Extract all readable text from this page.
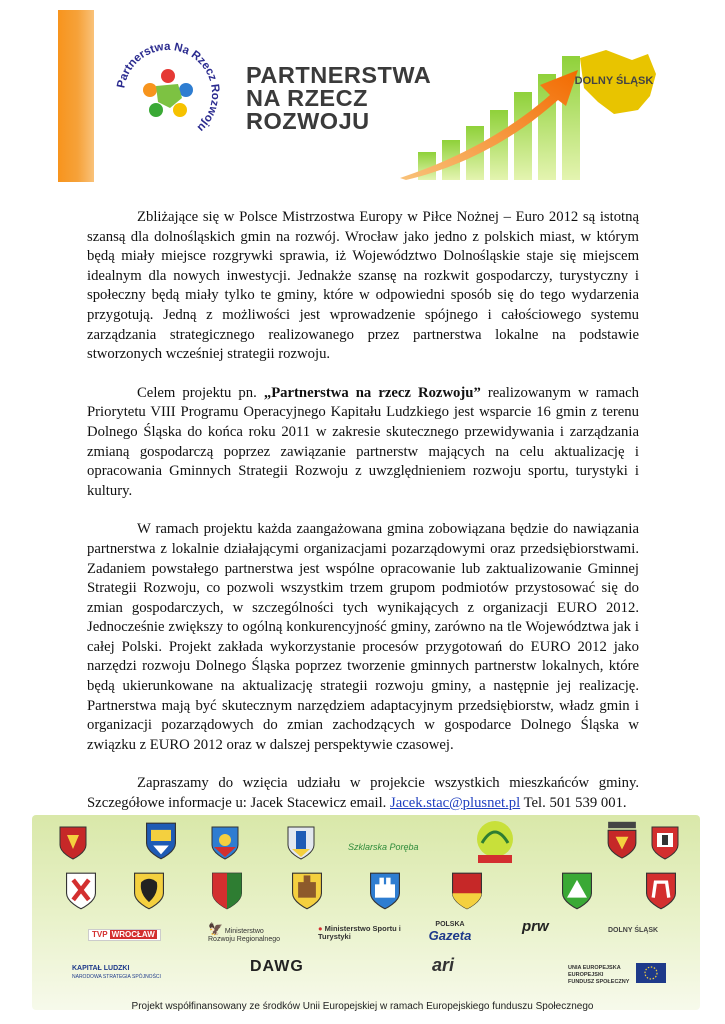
Partnerstwa Na Rzecz Rozwoju
PARTNERSTWA
NA RZECZ
ROZWOJU
DOLNY ŚLĄSK

Zbliżające się w Polsce Mistrzostwa Europy w Piłce Nożnej – Euro 2012 są istotną szansą dla dolnośląskich gmin na rozwój. Wrocław jako jedno z polskich miast, w którym będą miały miejsce rozgrywki sprawia, iż Województwo Dolnośląskie staje się miejscem idealnym dla nowych inwestycji. Jednakże szansę na rozkwit gospodarczy, turystyczny i społeczny będą miały tylko te gminy, które w odpowiedni sposób się do tego wydarzenia przygotują. Jedną z możliwości jest wprowadzenie spójnego i całościowego systemu zarządzania strategicznego realizowanego przez partnerstwa lokalne na podstawie stworzonych wcześniej strategii rozwoju.

Celem projektu pn. „Partnerstwa na rzecz Rozwoju” realizowanym w ramach Priorytetu VIII Programu Operacyjnego Kapitału Ludzkiego jest wsparcie 16 gmin z terenu Dolnego Śląska do końca roku 2011 w zakresie skutecznego przewidywania i zarządzania zmianą gospodarczą poprzez zawiązanie partnerstw mających na celu aktualizację i opracowania Gminnych Strategii Rozwoju z uwzględnieniem rozwoju sportu, turystyki i kultury.

W ramach projektu każda zaangażowana gmina zobowiązana będzie do nawiązania partnerstwa z lokalnie działającymi organizacjami pozarządowymi oraz przedsiębiorstwami. Zadaniem powstałego partnerstwa jest wspólne opracowanie lub zaktualizowanie Gminnej Strategii Rozwoju, co pozwoli wszystkim trzem grupom podmiotów przystosować się do zmian gospodarczych, w szczególności tych wynikających z organizacji EURO 2012. Jednocześnie zwiększy to ogólną konkurencyjność gminy, zarówno na tle Województwa jak i całej Polski. Projekt zakłada wykorzystanie procesów przygotowań do EURO 2012 jako narzędzi rozwoju Dolnego Śląska poprzez tworzenie gminnych partnerstw lokalnych, które będą ukierunkowane na aktualizację strategii rozwoju gminy, a następnie jej realizację. Partnerstwa mają być skutecznym narzędziem adaptacyjnym przedsiębiorstw, władz gmin i organizacji pozarządowych do zmian zachodzących w gospodarce Dolnego Śląska w związku z EURO 2012 oraz w dalszej perspektywie czasowej.

Zapraszamy do wzięcia udziału w projekcie wszystkich mieszkańców gminy. Szczegółowe informacje u: Jacek Stacewicz email. Jacek.stac@plusnet.pl Tel. 501 539 001.

Szklarska Poręba
TVP WROCŁAW	🦅 Ministerstwo Rozwoju Regionalnego
● Ministerstwo Sportu i Turystyki
POLSKA
Gazeta
prw	DOLNY ŚLĄSK
KAPITAŁ LUDZKI
NARODOWA STRATEGIA SPÓJNOŚCI
DAWG	ari	UNIA EUROPEJSKA
EUROPEJSKI
FUNDUSZ SPOŁECZNY
Projekt współfinansowany ze środków Unii Europejskiej w ramach Europejskiego funduszu Społecznego
